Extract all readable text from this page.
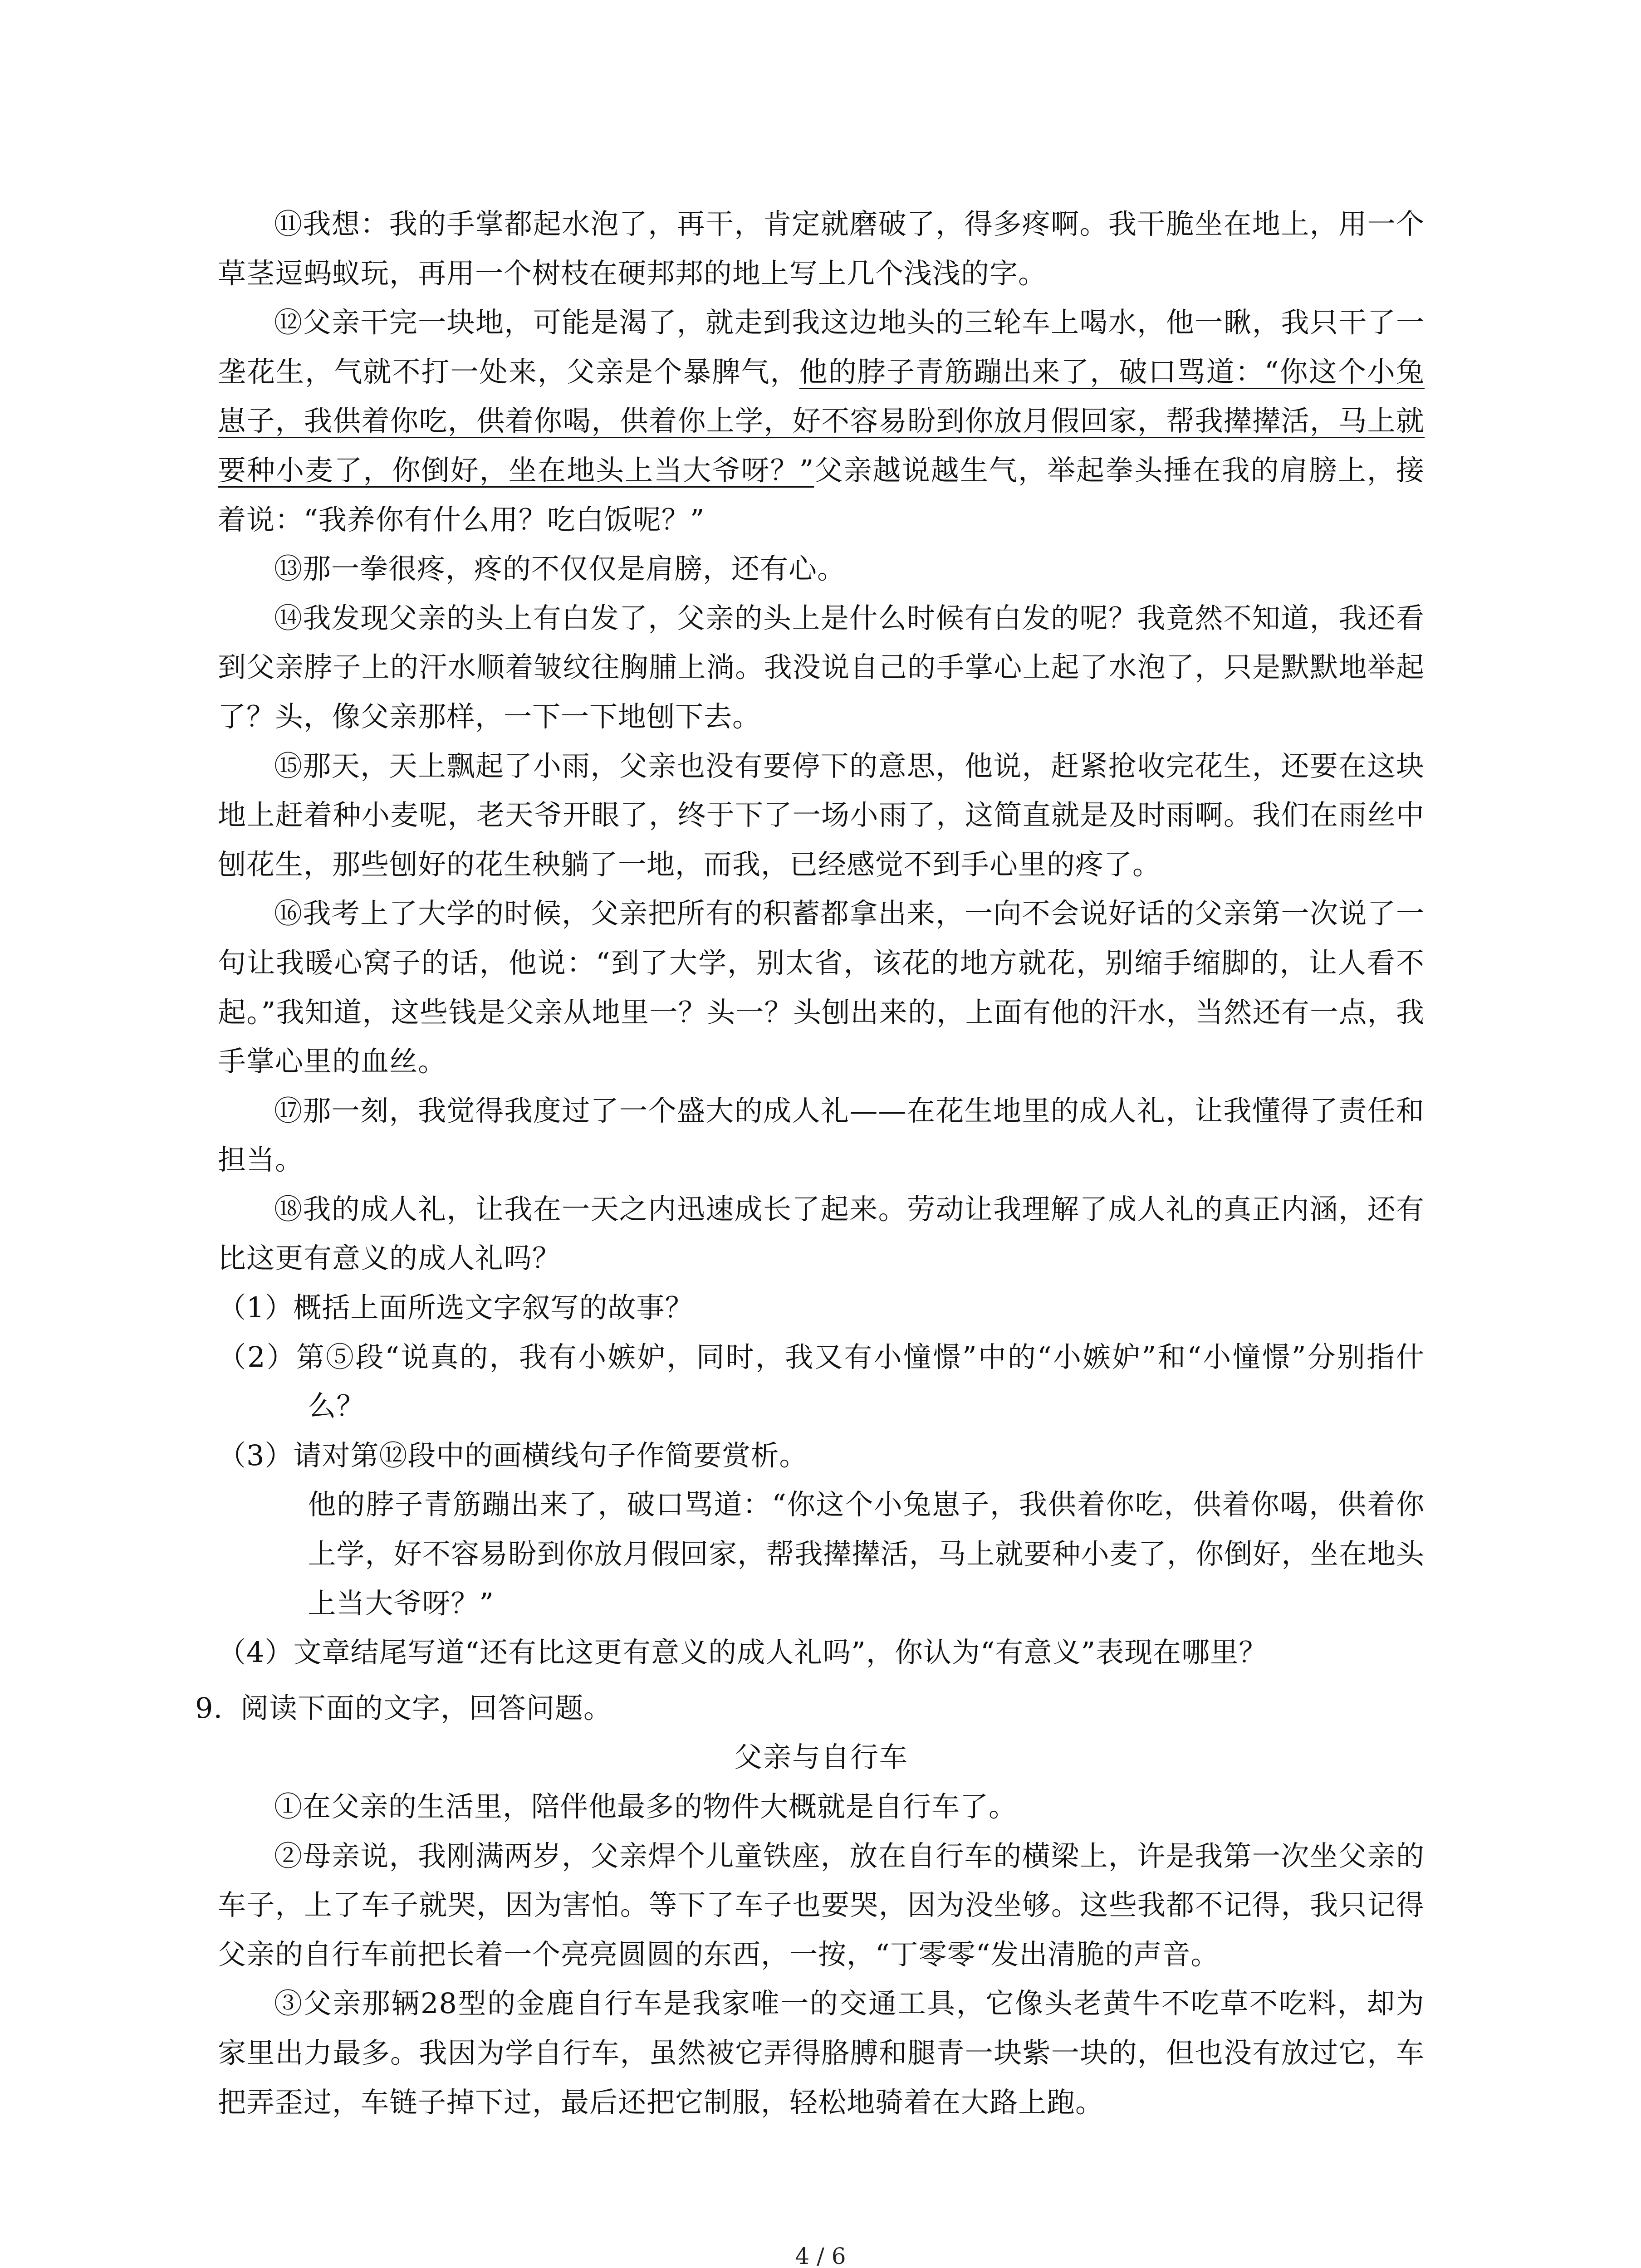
⑪我想：我的手掌都起水泡了，再干，肯定就磨破了，得多疼啊。我干脆坐在地上，用一个草茎逗蚂蚁玩，再用一个树枝在硬邦邦的地上写上几个浅浅的字。

⑫父亲干完一块地，可能是渴了，就走到我这边地头的三轮车上喝水，他一瞅，我只干了一垄花生，气就不打一处来，父亲是个暴脾气，他的脖子青筋蹦出来了，破口骂道：“你这个小兔崽子，我供着你吃，供着你喝，供着你上学，好不容易盼到你放月假回家，帮我撵撵活，马上就要种小麦了，你倒好，坐在地头上当大爷呀？”父亲越说越生气，举起拳头捶在我的肩膀上，接着说：“我养你有什么用？吃白饭呢？”

⑬那一拳很疼，疼的不仅仅是肩膀，还有心。

⑭我发现父亲的头上有白发了，父亲的头上是什么时候有白发的呢？我竟然不知道，我还看到父亲脖子上的汗水顺着皱纹往胸脯上淌。我没说自己的手掌心上起了水泡了，只是默默地举起了？头，像父亲那样，一下一下地刨下去。

⑮那天，天上飘起了小雨，父亲也没有要停下的意思，他说，赶紧抢收完花生，还要在这块地上赶着种小麦呢，老天爷开眼了，终于下了一场小雨了，这简直就是及时雨啊。我们在雨丝中刨花生，那些刨好的花生秧躺了一地，而我，已经感觉不到手心里的疼了。

⑯我考上了大学的时候，父亲把所有的积蓄都拿出来，一向不会说好话的父亲第一次说了一句让我暖心窝子的话，他说：“到了大学，别太省，该花的地方就花，别缩手缩脚的，让人看不起。”我知道，这些钱是父亲从地里一？头一？头刨出来的，上面有他的汗水，当然还有一点，我手掌心里的血丝。

⑰那一刻，我觉得我度过了一个盛大的成人礼——在花生地里的成人礼，让我懂得了责任和担当。

⑱我的成人礼，让我在一天之内迅速成长了起来。劳动让我理解了成人礼的真正内涵，还有比这更有意义的成人礼吗？

（1）概括上面所选文字叙写的故事？

（2）第⑤段“说真的，我有小嫉妒，同时，我又有小憧憬”中的“小嫉妒”和“小憧憬”分别指什么？

（3）请对第⑫段中的画横线句子作简要赏析。

他的脖子青筋蹦出来了，破口骂道：“你这个小兔崽子，我供着你吃，供着你喝，供着你上学，好不容易盼到你放月假回家，帮我撵撵活，马上就要种小麦了，你倒好，坐在地头上当大爷呀？”

（4）文章结尾写道“还有比这更有意义的成人礼吗”，你认为“有意义”表现在哪里？

9. 阅读下面的文字，回答问题。

父亲与自行车

①在父亲的生活里，陪伴他最多的物件大概就是自行车了。

②母亲说，我刚满两岁，父亲焊个儿童铁座，放在自行车的横梁上，许是我第一次坐父亲的车子，上了车子就哭，因为害怕。等下了车子也要哭，因为没坐够。这些我都不记得，我只记得父亲的自行车前把长着一个亮亮圆圆的东西，一按，“丁零零“发出清脆的声音。

③父亲那辆28型的金鹿自行车是我家唯一的交通工具，它像头老黄牛不吃草不吃料，却为家里出力最多。我因为学自行车，虽然被它弄得胳膊和腿青一块紫一块的，但也没有放过它，车把弄歪过，车链子掉下过，最后还把它制服，轻松地骑着在大路上跑。

4 / 6
